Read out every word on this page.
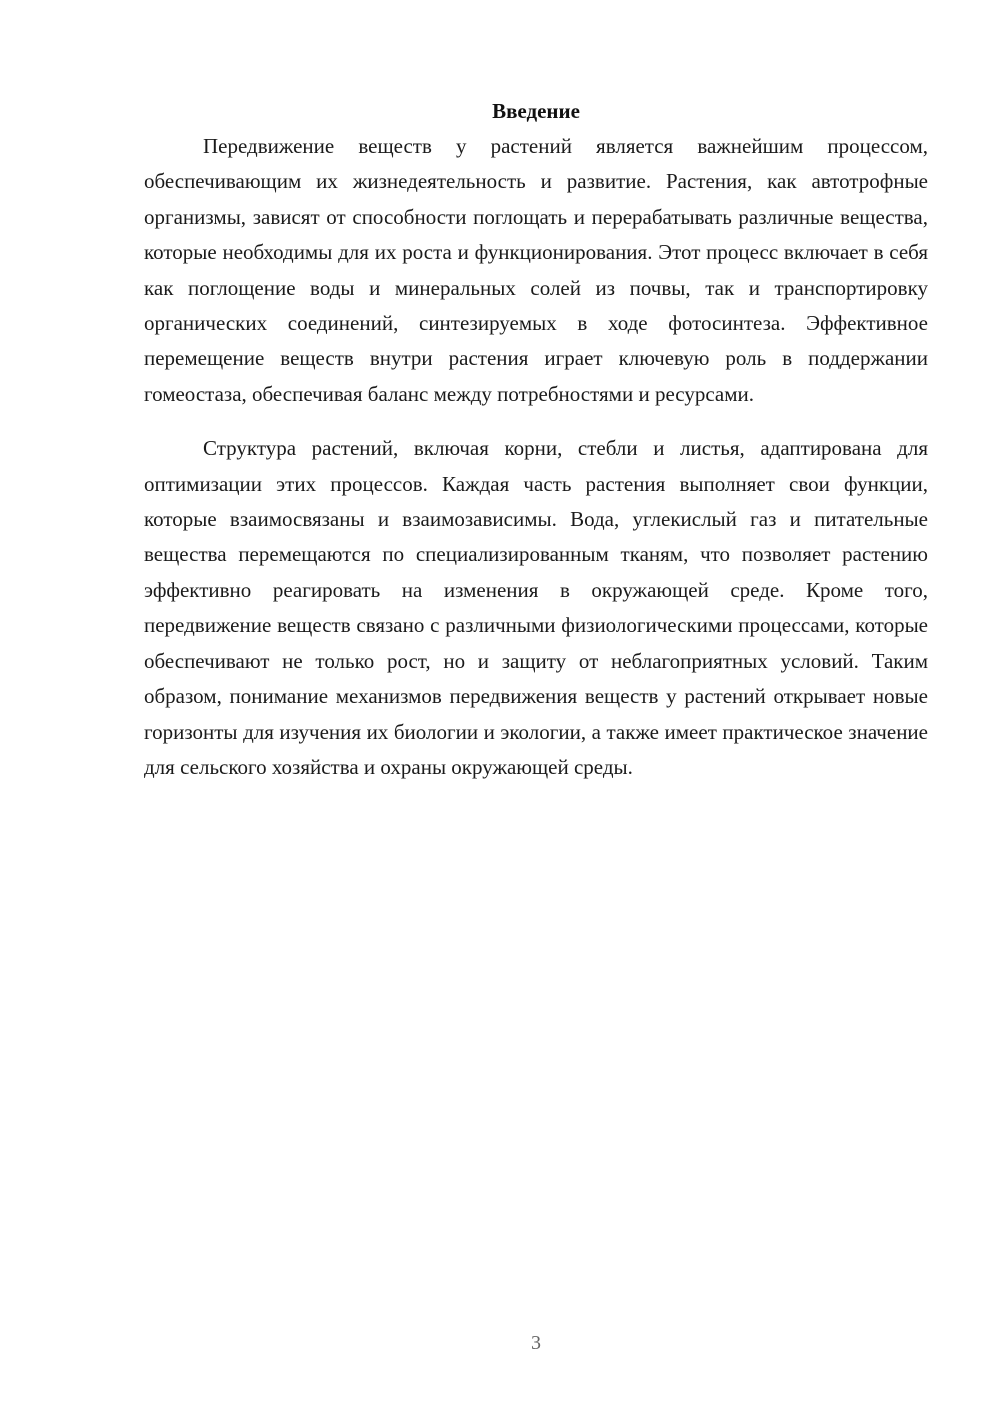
Введение

Передвижение веществ у растений является важнейшим процессом, обеспечивающим их жизнедеятельность и развитие. Растения, как автотрофные организмы, зависят от способности поглощать и перерабатывать различные вещества, которые необходимы для их роста и функционирования. Этот процесс включает в себя как поглощение воды и минеральных солей из почвы, так и транспортировку органических соединений, синтезируемых в ходе фотосинтеза. Эффективное перемещение веществ внутри растения играет ключевую роль в поддержании гомеостаза, обеспечивая баланс между потребностями и ресурсами.

Структура растений, включая корни, стебли и листья, адаптирована для оптимизации этих процессов. Каждая часть растения выполняет свои функции, которые взаимосвязаны и взаимозависимы. Вода, углекислый газ и питательные вещества перемещаются по специализированным тканям, что позволяет растению эффективно реагировать на изменения в окружающей среде. Кроме того, передвижение веществ связано с различными физиологическими процессами, которые обеспечивают не только рост, но и защиту от неблагоприятных условий. Таким образом, понимание механизмов передвижения веществ у растений открывает новые горизонты для изучения их биологии и экологии, а также имеет практическое значение для сельского хозяйства и охраны окружающей среды.

3
